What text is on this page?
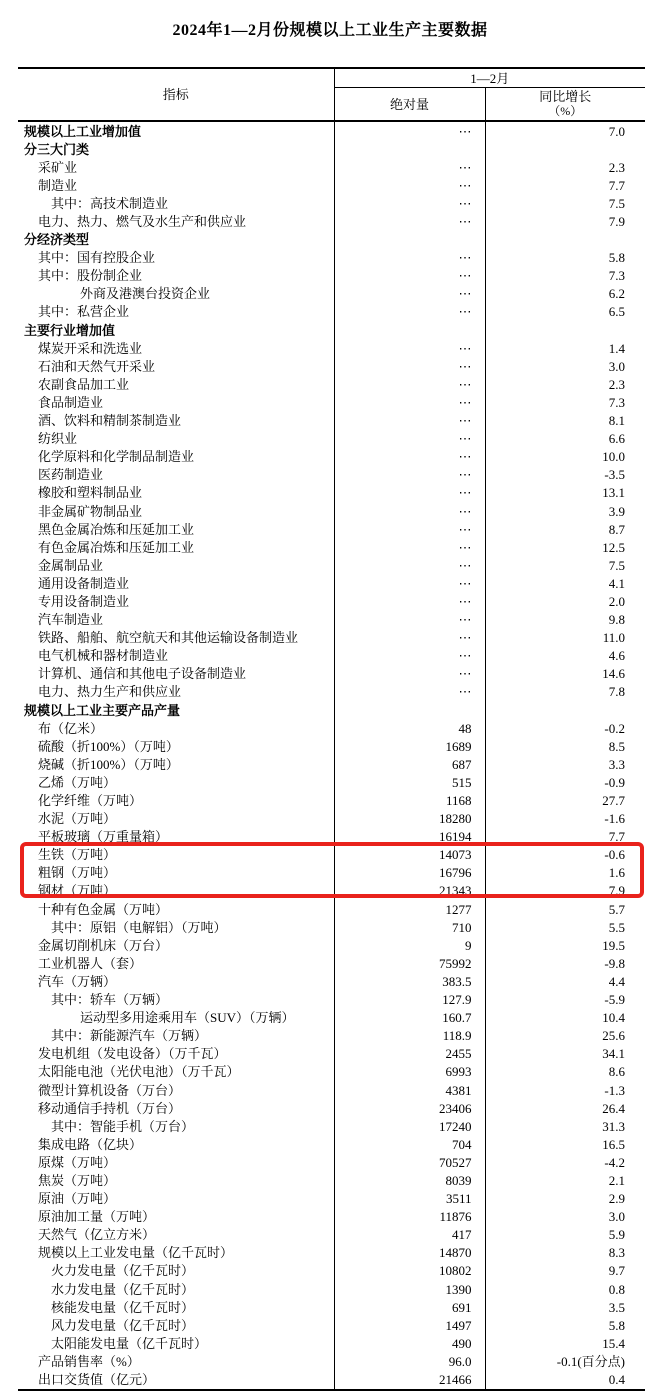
2024年1—2月份规模以上工业生产主要数据
指标	1—2月	
	绝对量	同比增长
（%）

规模以上工业增加值	⋯	7.0
分三大门类		
采矿业	⋯	2.3
制造业	⋯	7.7
其中：高技术制造业	⋯	7.5
电力、热力、燃气及水生产和供应业	⋯	7.9
分经济类型		
其中：国有控股企业	⋯	5.8
其中：股份制企业	⋯	7.3
外商及港澳台投资企业	⋯	6.2
其中：私营企业	⋯	6.5
主要行业增加值		
煤炭开采和洗选业	⋯	1.4
石油和天然气开采业	⋯	3.0
农副食品加工业	⋯	2.3
食品制造业	⋯	7.3
酒、饮料和精制茶制造业	⋯	8.1
纺织业	⋯	6.6
化学原料和化学制品制造业	⋯	10.0
医药制造业	⋯	-3.5
橡胶和塑料制品业	⋯	13.1
非金属矿物制品业	⋯	3.9
黑色金属冶炼和压延加工业	⋯	8.7
有色金属冶炼和压延加工业	⋯	12.5
金属制品业	⋯	7.5
通用设备制造业	⋯	4.1
专用设备制造业	⋯	2.0
汽车制造业	⋯	9.8
铁路、船舶、航空航天和其他运输设备制造业	⋯	11.0
电气机械和器材制造业	⋯	4.6
计算机、通信和其他电子设备制造业	⋯	14.6
电力、热力生产和供应业	⋯	7.8
规模以上工业主要产品产量		
布（亿米）	48	-0.2
硫酸（折100%）（万吨）	1689	8.5
烧碱（折100%）（万吨）	687	3.3
乙烯（万吨）	515	-0.9
化学纤维（万吨）	1168	27.7
水泥（万吨）	18280	-1.6
平板玻璃（万重量箱）	16194	7.7
生铁（万吨）	14073	-0.6
粗钢（万吨）	16796	1.6
钢材（万吨）	21343	7.9
十种有色金属（万吨）	1277	5.7
其中：原铝（电解铝）（万吨）	710	5.5
金属切削机床（万台）	9	19.5
工业机器人（套）	75992	-9.8
汽车（万辆）	383.5	4.4
其中：轿车（万辆）	127.9	-5.9
运动型多用途乘用车（SUV）（万辆）	160.7	10.4
其中：新能源汽车（万辆）	118.9	25.6
发电机组（发电设备）（万千瓦）	2455	34.1
太阳能电池（光伏电池）（万千瓦）	6993	8.6
微型计算机设备（万台）	4381	-1.3
移动通信手持机（万台）	23406	26.4
其中：智能手机（万台）	17240	31.3
集成电路（亿块）	704	16.5
原煤（万吨）	70527	-4.2
焦炭（万吨）	8039	2.1
原油（万吨）	3511	2.9
原油加工量（万吨）	11876	3.0
天然气（亿立方米）	417	5.9
规模以上工业发电量（亿千瓦时）	14870	8.3
火力发电量（亿千瓦时）	10802	9.7
水力发电量（亿千瓦时）	1390	0.8
核能发电量（亿千瓦时）	691	3.5
风力发电量（亿千瓦时）	1497	5.8
太阳能发电量（亿千瓦时）	490	15.4
产品销售率（%）	96.0	-0.1(百分点)
出口交货值（亿元）	21466	0.4
